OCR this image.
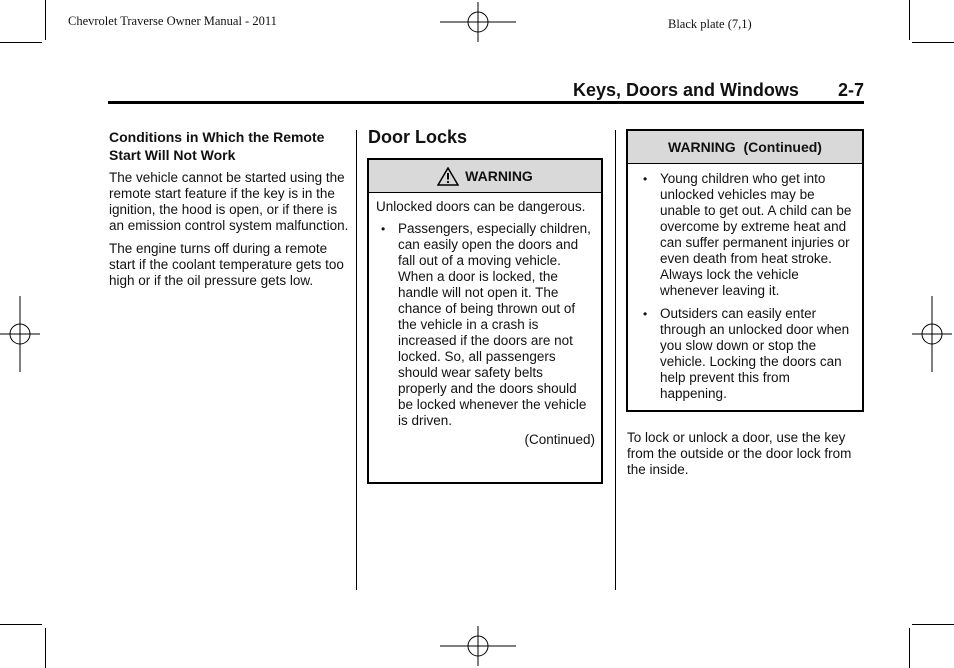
Chevrolet Traverse Owner Manual - 2011	Black plate (7,1)
Keys, Doors and Windows 2-7
Conditions in Which the Remote Start Will Not Work

The vehicle cannot be started using the remote start feature if the key is in the ignition, the hood is open, or if there is an emission control system malfunction.

The engine turns off during a remote start if the coolant temperature gets too high or if the oil pressure gets low.

Door Locks
WARNING

Unlocked doors can be dangerous.

• Passengers, especially children, can easily open the doors and fall out of a moving vehicle. When a door is locked, the handle will not open it. The chance of being thrown out of the vehicle in a crash is increased if the doors are not locked. So, all passengers should wear safety belts properly and the doors should be locked whenever the vehicle is driven.
(Continued)
WARNING  (Continued)
• Young children who get into unlocked vehicles may be unable to get out. A child can be overcome by extreme heat and can suffer permanent injuries or even death from heat stroke. Always lock the vehicle whenever leaving it.
• Outsiders can easily enter through an unlocked door when you slow down or stop the vehicle. Locking the doors can help prevent this from happening.
To lock or unlock a door, use the key from the outside or the door lock from the inside.
